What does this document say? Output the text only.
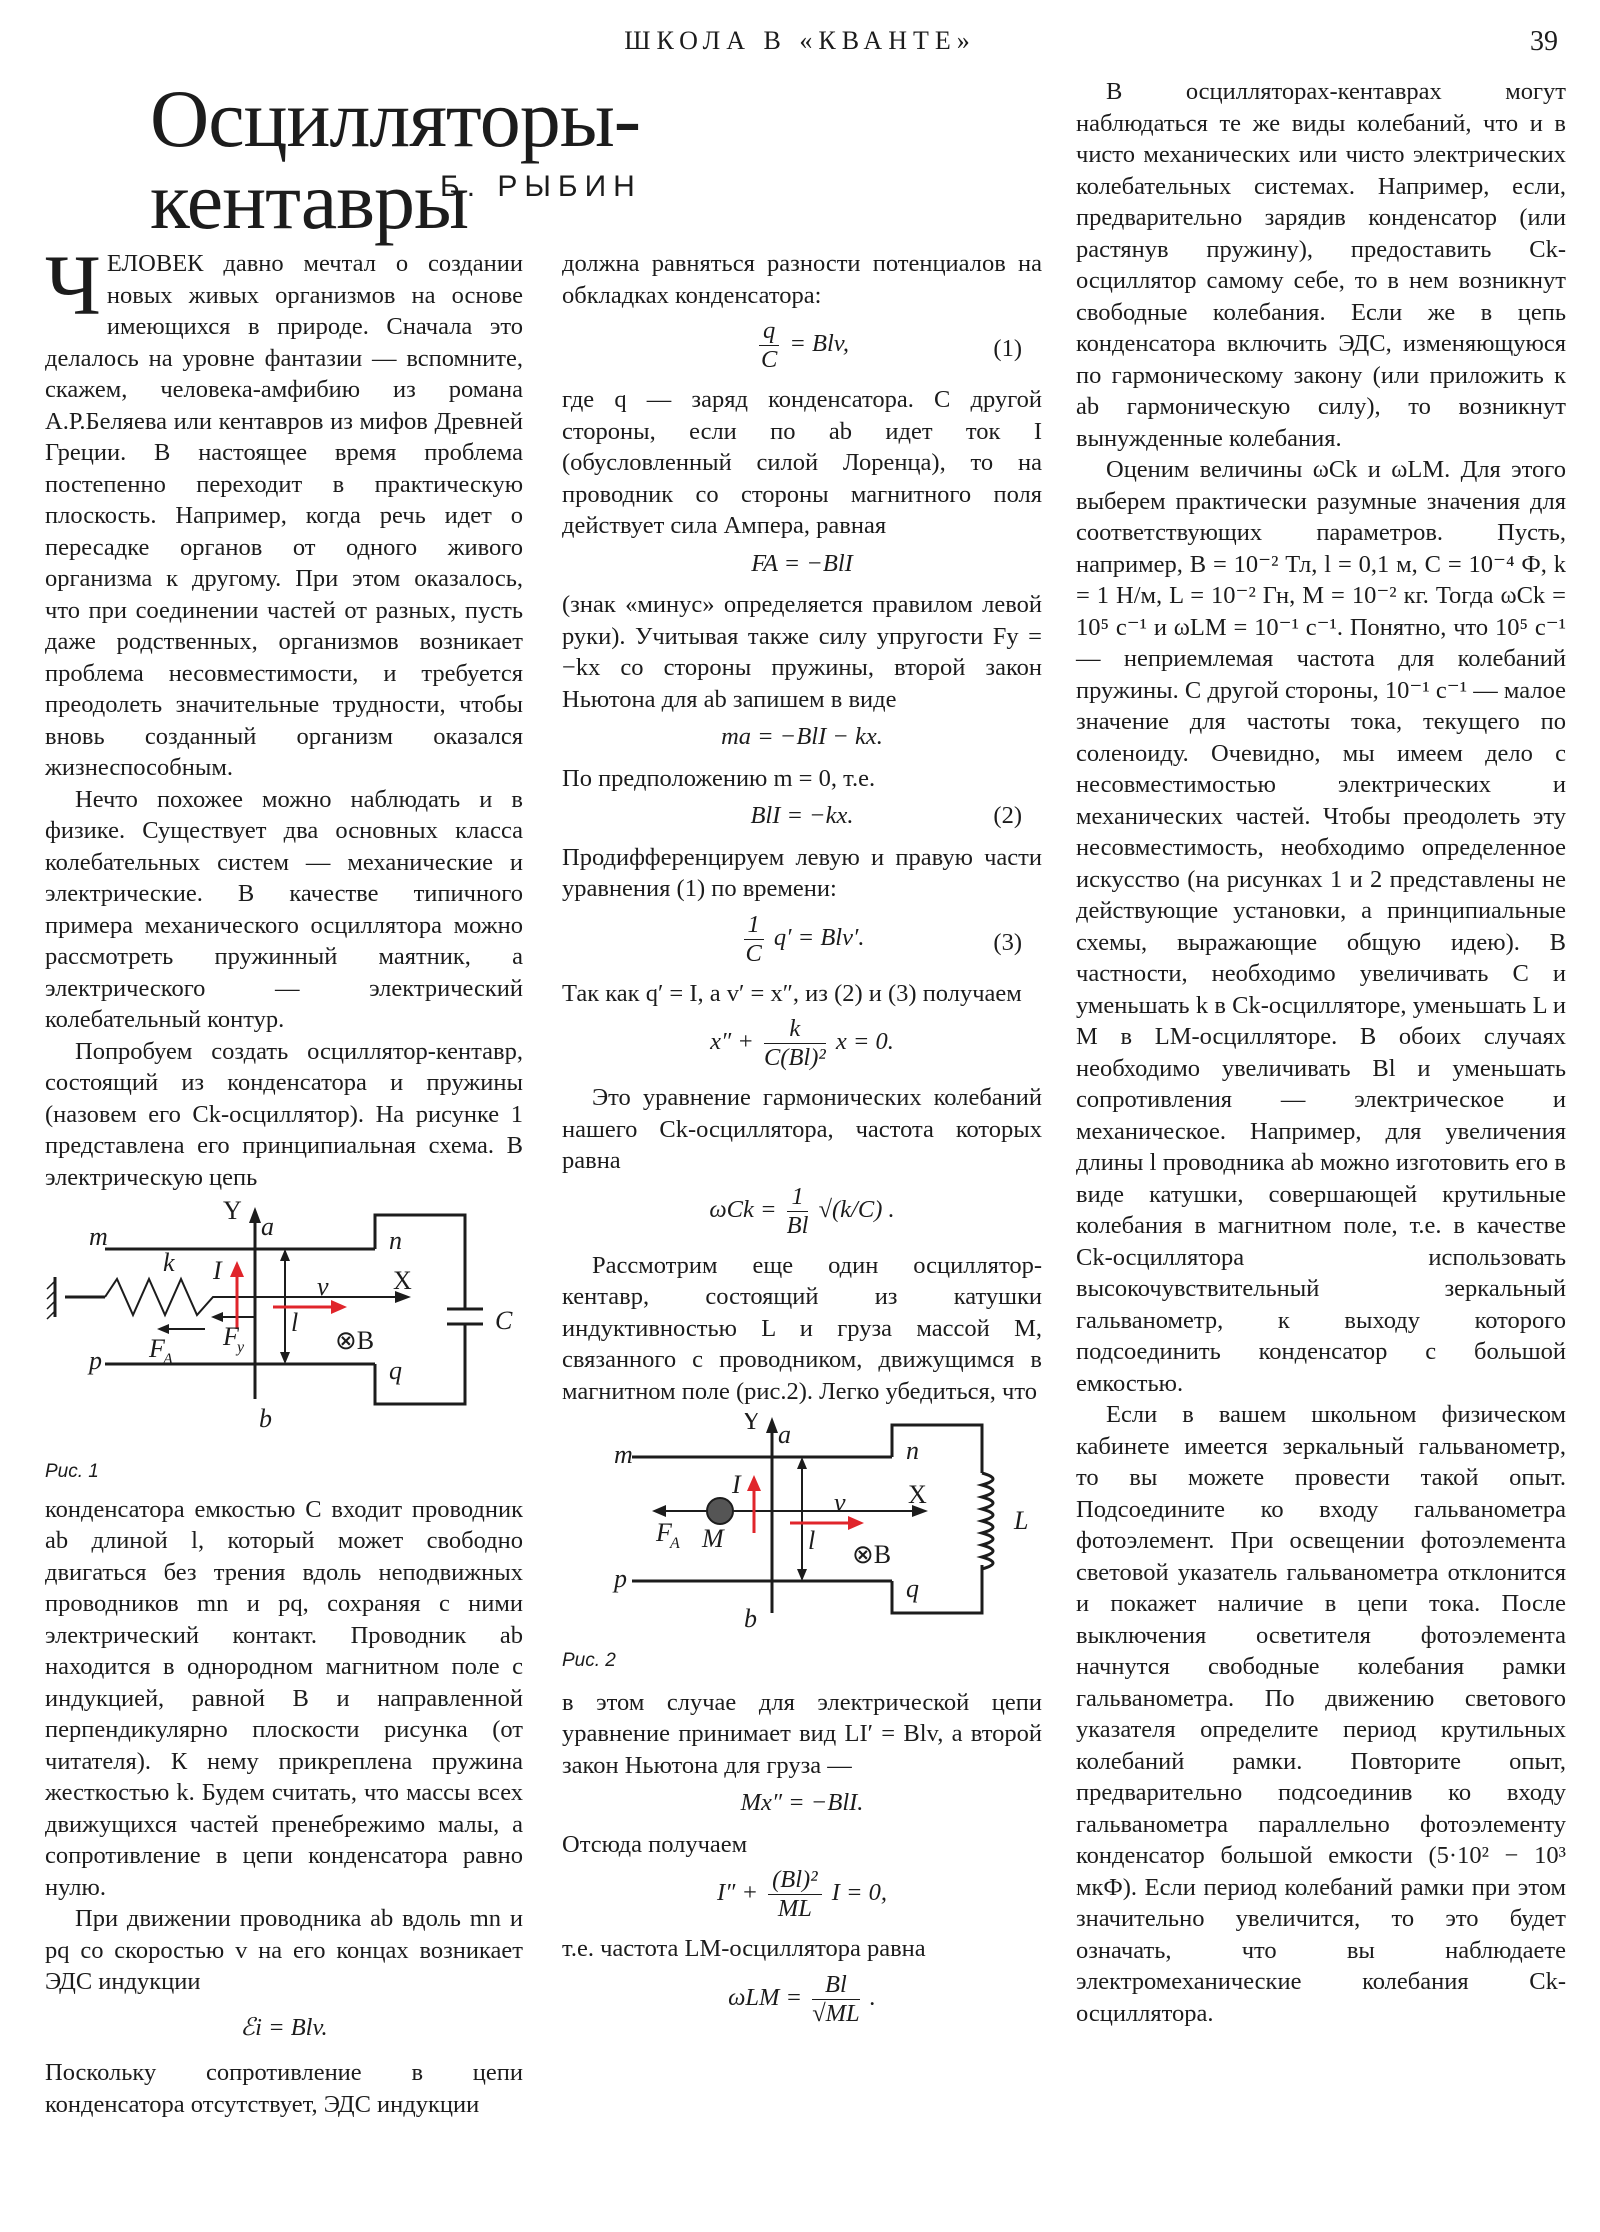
ШКОЛА В «КВАНТЕ»	39
Осцилляторы-кентавры
Б. РЫБИН

ЧЕЛОВЕК давно мечтал о создании новых живых организмов на основе имеющихся в природе. Сначала это делалось на уровне фантазии — вспомните, скажем, человека-амфибию из романа А.Р.Беляева или кентавров из мифов Древней Греции. В настоящее время проблема постепенно переходит в практическую плоскость. Например, когда речь идет о пересадке органов от одного живого организма к другому. При этом оказалось, что при соединении частей от разных, пусть даже родственных, организмов возникает проблема несовместимости, и требуется преодолеть значительные трудности, чтобы вновь созданный организм оказался жизнеспособным.

Нечто похожее можно наблюдать и в физике. Существует два основных класса колебательных систем — механические и электрические. В качестве типичного примера механического осциллятора можно рассмотреть пружинный маятник, а электрического — электрический колебательный контур.

Попробуем создать осциллятор-кентавр, состоящий из конденсатора и пружины (назовем его Ck-осциллятор). На рисунке 1 представлена его принципиальная схема. В электрическую цепь

m
p
n
q
a
b
Y
X
k I
v
l	C
⊗B
F
A
F
y
Рис. 1

конденсатора емкостью C входит проводник ab длиной l, который может свободно двигаться без трения вдоль неподвижных проводников mn и pq, сохраняя с ними электрический контакт. Проводник ab находится в однородном магнитном поле с индукцией, равной B и направленной перпендикулярно плоскости рисунка (от читателя). К нему прикреплена пружина жесткостью k. Будем считать, что массы всех движущихся частей пренебрежимо малы, а сопротивление в цепи конденсатора равно нулю.

При движении проводника ab вдоль mn и pq со скоростью v на его концах возникает ЭДС индукции

ℰi = Blv.

Поскольку сопротивление в цепи конденсатора отсутствует, ЭДС индукции

должна равняться разности потенциалов на обкладках конденсатора:

$\frac{q}{C}$ = Blv,	(1)

где q — заряд конденсатора. С другой стороны, если по ab идет ток I (обусловленный силой Лоренца), то на проводник со стороны магнитного поля действует сила Ампера, равная

FA = −BlI

(знак «минус» определяется правилом левой руки). Учитывая также силу упругости Fy = −kx со стороны пружины, второй закон Ньютона для ab запишем в виде

ma = −BlI − kx.

По предположению m = 0, т.е.

BlI = −kx.	(2)

Продифференцируем левую и правую части уравнения (1) по времени:

$\frac{1}{C} q' = Blv'$.	(3)

Так как q′ = I, а v′ = x″, из (2) и (3) получаем

$x'' + \frac{k}{\text{C(Bl)²}}$ x = 0.

Это уравнение гармонических колебаний нашего Ck-осциллятора, частота которых равна

$\omega Ck = \frac{1}{Bl} √(k/C)$ .

Рассмотрим еще один осциллятор-кентавр, состоящий из катушки индуктивностью L и груза массой M, связанного с проводником, движущимся в магнитном поле (рис.2). Легко убедиться, что

m
p
n
q
a
b
Y
X
I
v
l
L
M
⊗B
F
A
Рис. 2

в этом случае для электрической цепи уравнение принимает вид LI′ = Blv, а второй закон Ньютона для груза —

Mx″ = −BlI.

Отсюда получаем

$I'' + \frac{\text{(Bl)²}}{ML}$ I = 0,

т.е. частота LM-осциллятора равна

$\omega LM = \frac{Bl}{√ML}$ .

В осцилляторах-кентаврах могут наблюдаться те же виды колебаний, что и в чисто механических или чисто электрических колебательных системах. Например, если, предварительно зарядив конденсатор (или растянув пружину), предоставить Ck-осциллятор самому себе, то в нем возникнут свободные колебания. Если же в цепь конденсатора включить ЭДС, изменяющуюся по гармоническому закону (или приложить к ab гармоническую силу), то возникнут вынужденные колебания.

Оценим величины ωCk и ωLM. Для этого выберем практически разумные значения для соответствующих параметров. Пусть, например, B = 10⁻² Тл, l = 0,1 м, C = 10⁻⁴ Ф, k = 1 Н/м, L = 10⁻² Гн, M = 10⁻² кг. Тогда ωCk = 10⁵ с⁻¹ и ωLM = 10⁻¹ с⁻¹. Понятно, что 10⁵ с⁻¹ — неприемлемая частота для колебаний пружины. С другой стороны, 10⁻¹ с⁻¹ — малое значение для частоты тока, текущего по соленоиду. Очевидно, мы имеем дело с несовместимостью электрических и механических частей. Чтобы преодолеть эту несовместимость, необходимо определенное искусство (на рисунках 1 и 2 представлены не действующие установки, а принципиальные схемы, выражающие общую идею). В частности, необходимо увеличивать C и уменьшать k в Ck-осцилляторе, уменьшать L и M в LM-осцилляторе. В обоих случаях необходимо увеличивать Bl и уменьшать сопротивления — электрическое и механическое. Например, для увеличения длины l проводника ab можно изготовить его в виде катушки, совершающей крутильные колебания в магнитном поле, т.е. в качестве Ck-осциллятора использовать высокочувствительный зеркальный гальванометр, к выходу которого подсоединить конденсатор с большой емкостью.

Если в вашем школьном физическом кабинете имеется зеркальный гальванометр, то вы можете провести такой опыт. Подсоедините ко входу гальванометра фотоэлемент. При освещении фотоэлемента световой указатель гальванометра отклонится и покажет наличие в цепи тока. После выключения осветителя фотоэлемента начнутся свободные колебания рамки гальванометра. По движению светового указателя определите период крутильных колебаний рамки. Повторите опыт, предварительно подсоединив ко входу гальванометра параллельно фотоэлементу конденсатор большой емкости (5·10² − 10³ мкФ). Если период колебаний рамки при этом значительно увеличится, то это будет означать, что вы наблюдаете электромеханические колебания Ck-осциллятора.
